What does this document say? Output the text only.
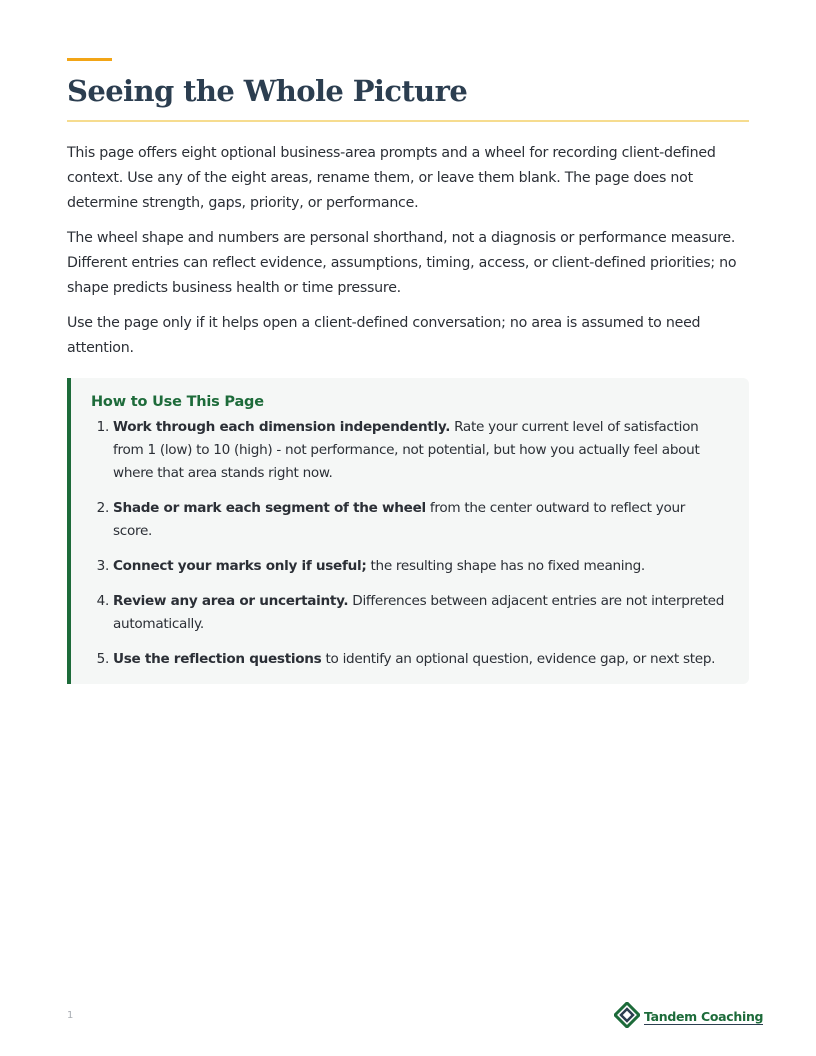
Seeing the Whole Picture

This page offers eight optional business-area prompts and a wheel for recording client-defined context. Use any of the eight areas, rename them, or leave them blank. The page does not determine strength, gaps, priority, or performance.

The wheel shape and numbers are personal shorthand, not a diagnosis or performance measure. Different entries can reflect evidence, assumptions, timing, access, or client-defined priorities; no shape predicts business health or time pressure.

Use the page only if it helps open a client-defined conversation; no area is assumed to need attention.

How to Use This Page
1. Work through each dimension independently. Rate your current level of satisfaction from 1 (low) to 10 (high) - not performance, not potential, but how you actually feel about where that area stands right now.
2. Shade or mark each segment of the wheel from the center outward to reflect your score.
3. Connect your marks only if useful; the resulting shape has no fixed meaning.
4. Review any area or uncertainty. Differences between adjacent entries are not interpreted automatically.
5. Use the reflection questions to identify an optional question, evidence gap, or next step.
1	Tandem Coaching
